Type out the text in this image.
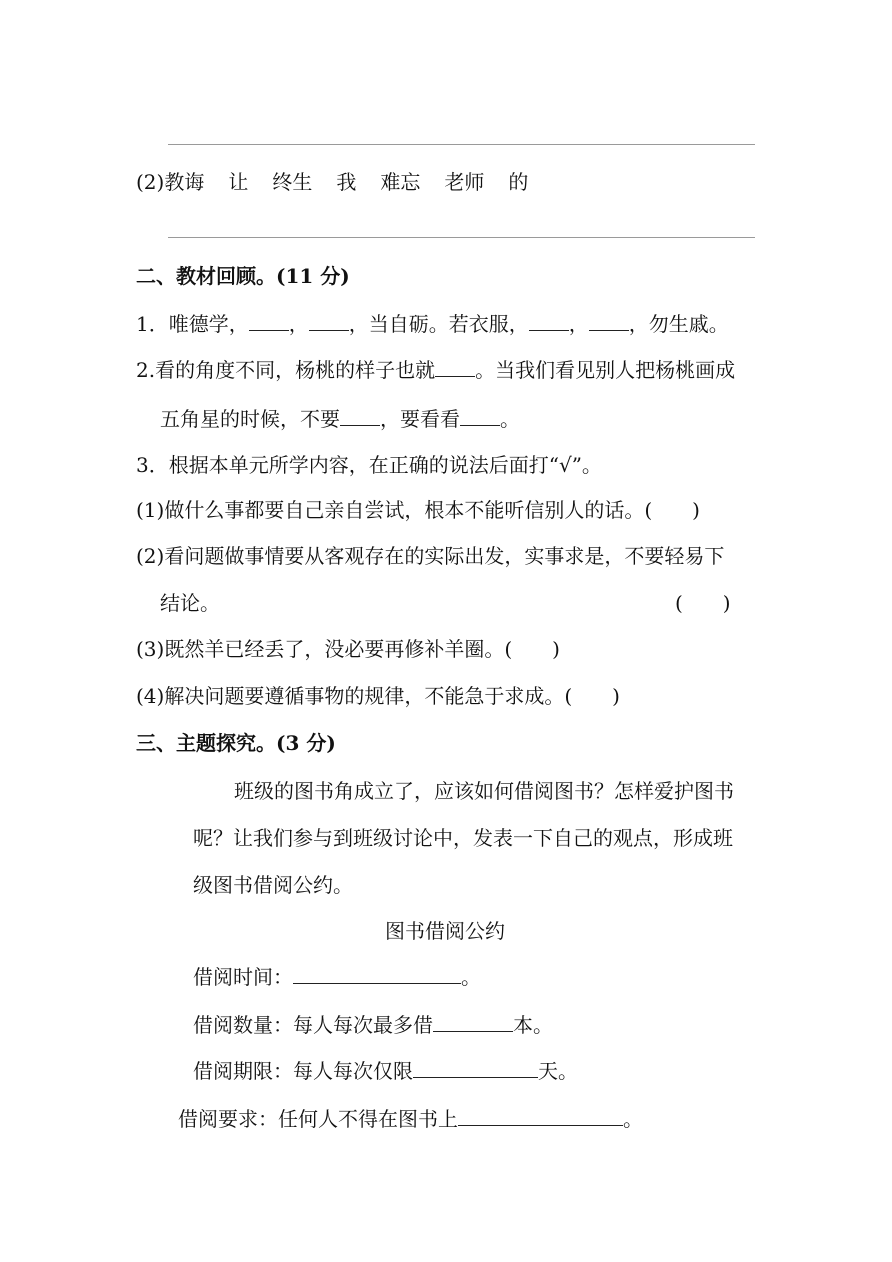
(2)教诲 让 终生 我 难忘 老师 的
二、教材回顾。(11 分)
1．唯德学， ， ，当自砺。若衣服， ， ，勿生戚。
2.看的角度不同，杨桃的样子也就 。当我们看见别人把杨桃画成
五角星的时候，不要 ，要看看 。
3．根据本单元所学内容，在正确的说法后面打“√”。
(1)做什么事都要自己亲自尝试，根本不能听信别人的话。(　　)
(2)看问题做事情要从客观存在的实际出发，实事求是，不要轻易下
结论。	(　　)
(3)既然羊已经丢了，没必要再修补羊圈。(　　)
(4)解决问题要遵循事物的规律，不能急于求成。(　　)
三、主题探究。(3 分)
班级的图书角成立了，应该如何借阅图书？怎样爱护图书
呢？让我们参与到班级讨论中，发表一下自己的观点，形成班
级图书借阅公约。
图书借阅公约
借阅时间：	。
借阅数量：每人每次最多借	本。
借阅期限：每人每次仅限	天。
借阅要求：任何人不得在图书上	。
